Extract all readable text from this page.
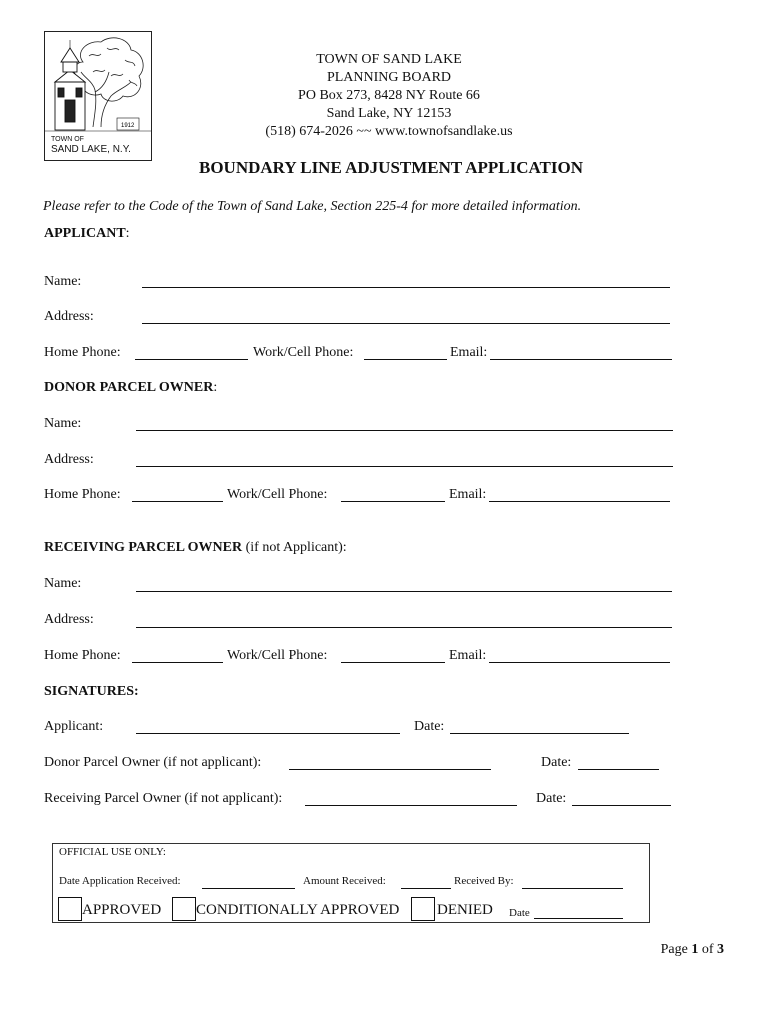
1912
TOWN OF
SAND LAKE, N.Y.
TOWN OF SAND LAKE
PLANNING BOARD
PO Box 273, 8428 NY Route 66
Sand Lake, NY 12153
(518) 674-2026 ~~ www.townofsandlake.us
BOUNDARY LINE ADJUSTMENT APPLICATION
Please refer to the Code of the Town of Sand Lake, Section 225-4 for more detailed information.
APPLICANT:
Name:
Address:
Home Phone:	Work/Cell Phone:	Email:
DONOR PARCEL OWNER:
Name:
Address:
Home Phone:	Work/Cell Phone:	Email:
RECEIVING PARCEL OWNER (if not Applicant):
Name:
Address:
Home Phone:	Work/Cell Phone:	Email:
SIGNATURES:
Applicant:	Date:
Donor Parcel Owner (if not applicant):	Date:
Receiving Parcel Owner (if not applicant):	Date:
OFFICIAL USE ONLY:
Date Application Received:	Amount Received:	Received By:
APPROVED CONDITIONALLY APPROVED	DENIED Date
Page 1 of 3
